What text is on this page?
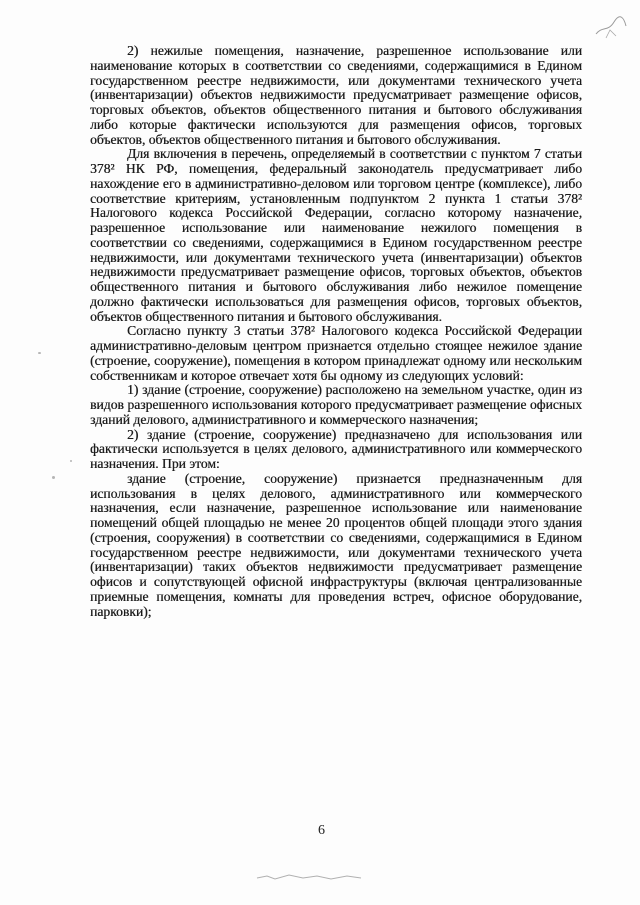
2) нежилые помещения, назначение, разрешенное использование или наименование которых в соответствии со сведениями, содержащимися в Едином государственном реестре недвижимости, или документами технического учета (инвентаризации) объектов недвижимости предусматривает размещение офисов, торговых объектов, объектов общественного питания и бытового обслуживания либо которые фактически используются для размещения офисов, торговых объектов, объектов общественного питания и бытового обслуживания.

Для включения в перечень, определяемый в соответствии с пунктом 7 статьи 378² НК РФ, помещения, федеральный законодатель предусматривает либо нахождение его в административно-деловом или торговом центре (комплексе), либо соответствие критериям, установленным подпунктом 2 пункта 1 статьи 378² Налогового кодекса Российской Федерации, согласно которому назначение, разрешенное использование или наименование нежилого помещения в соответствии со сведениями, содержащимися в Едином государственном реестре недвижимости, или документами технического учета (инвентаризации) объектов недвижимости предусматривает размещение офисов, торговых объектов, объектов общественного питания и бытового обслуживания либо нежилое помещение должно фактически использоваться для размещения офисов, торговых объектов, объектов общественного питания и бытового обслуживания.

Согласно пункту 3 статьи 378² Налогового кодекса Российской Федерации административно-деловым центром признается отдельно стоящее нежилое здание (строение, сооружение), помещения в котором принадлежат одному или нескольким собственникам и которое отвечает хотя бы одному из следующих условий:

1) здание (строение, сооружение) расположено на земельном участке, один из видов разрешенного использования которого предусматривает размещение офисных зданий делового, административного и коммерческого назначения;

2) здание (строение, сооружение) предназначено для использования или фактически используется в целях делового, административного или коммерческого назначения. При этом:

здание (строение, сооружение) признается предназначенным для использования в целях делового, административного или коммерческого назначения, если назначение, разрешенное использование или наименование помещений общей площадью не менее 20 процентов общей площади этого здания (строения, сооружения) в соответствии со сведениями, содержащимися в Едином государственном реестре недвижимости, или документами технического учета (инвентаризации) таких объектов недвижимости предусматривает размещение офисов и сопутствующей офисной инфраструктуры (включая централизованные приемные помещения, комнаты для проведения встреч, офисное оборудование, парковки);

6
